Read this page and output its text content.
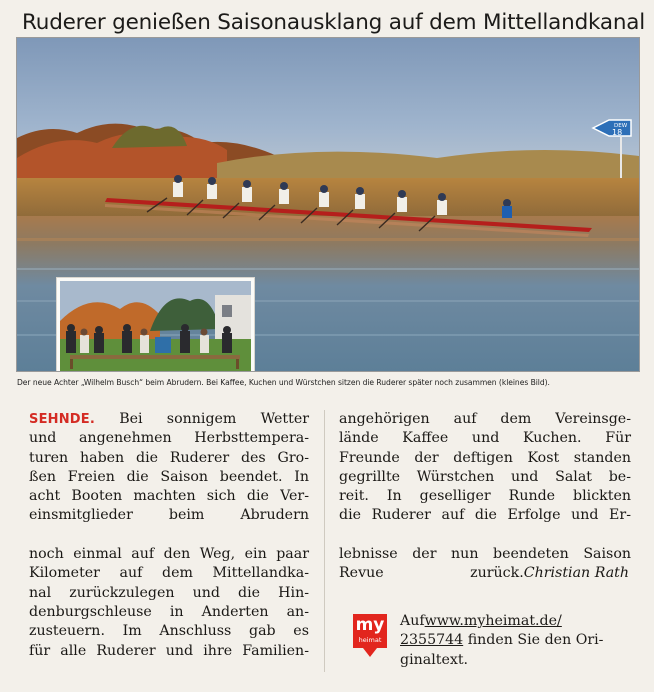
Ruderer genießen Saisonausklang auf dem Mittellandkanal
DEW
18
Der neue Achter „Wilhelm Busch“ beim Abrudern. Bei Kaffee, Kuchen und Würstchen sitzen die Ruderer später noch zusammen (kleines Bild).
SEHNDE. Bei sonnigem Wetter
und angenehmen Herbsttempera-
turen haben die Ruderer des Gro-
ßen Freien die Saison beendet. In
acht Booten machten sich die Ver-
einsmitglieder beim Abrudern
noch einmal auf den Weg, ein paar
Kilometer auf dem Mittellandka-
nal zurückzulegen und die Hin-
denburgschleuse in Anderten an-
zusteuern. Im Anschluss gab es
für alle Ruderer und ihre Familien-
angehörigen auf dem Vereinsge-
lände Kaffee und Kuchen. Für
Freunde der deftigen Kost standen
gegrillte Würstchen und Salat be-
reit. In geselliger Runde blickten
die Ruderer auf die Erfolge und Er-
lebnisse der nun beendeten Saison
Revue zurück. Christian Rath
my
heimat
Aufwww.myheimat.de/
2355744 finden Sie den Ori-
ginaltext.
